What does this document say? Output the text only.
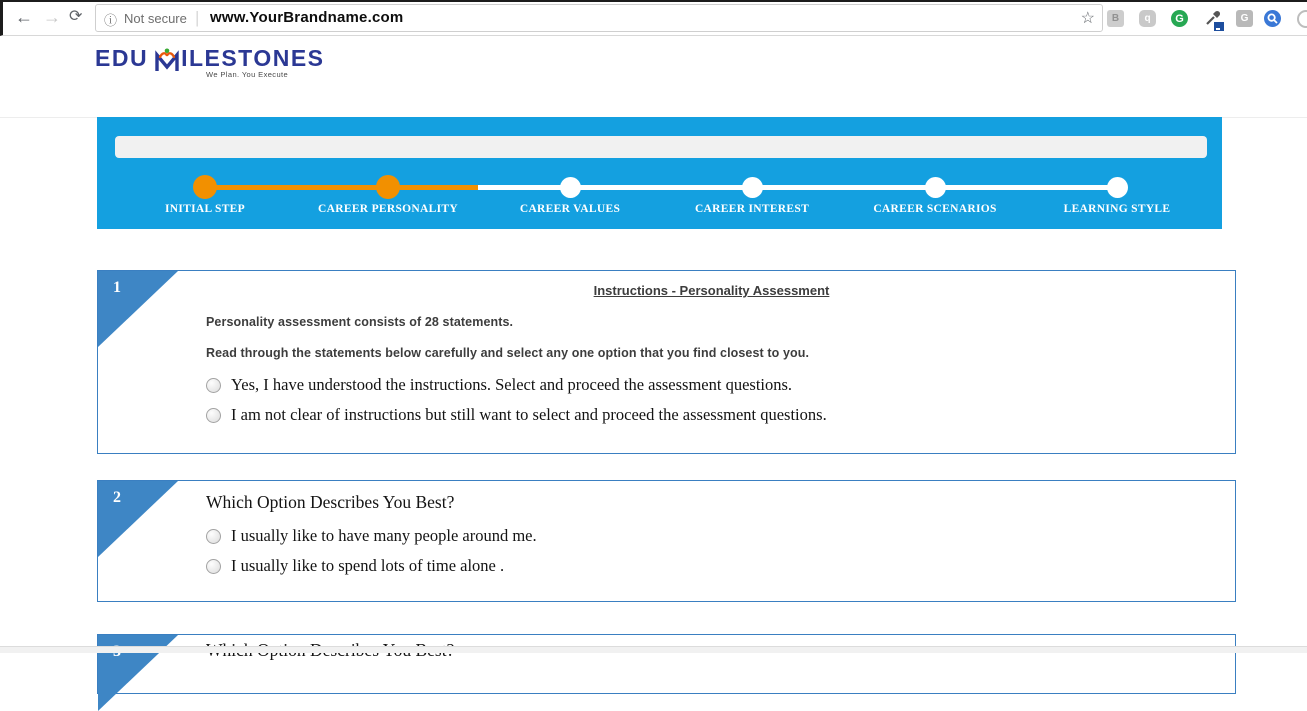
← → ⟳ ⓘ Not secure | www.YourBrandname.com	☆	B	q	G	G
EDU ILESTONES
We Plan. You Execute
INITIAL STEP	CAREER PERSONALITY	CAREER VALUES	CAREER INTEREST	CAREER SCENARIOS	LEARNING STYLE
1	Instructions - Personality Assessment
Personality assessment consists of 28 statements.
Read through the statements below carefully and select any one option that you find closest to you.
Yes, I have understood the instructions. Select and proceed the assessment questions.
I am not clear of instructions but still want to select and proceed the assessment questions.
2	Which Option Describes You Best?
I usually like to have many people around me.
I usually like to spend lots of time alone .
